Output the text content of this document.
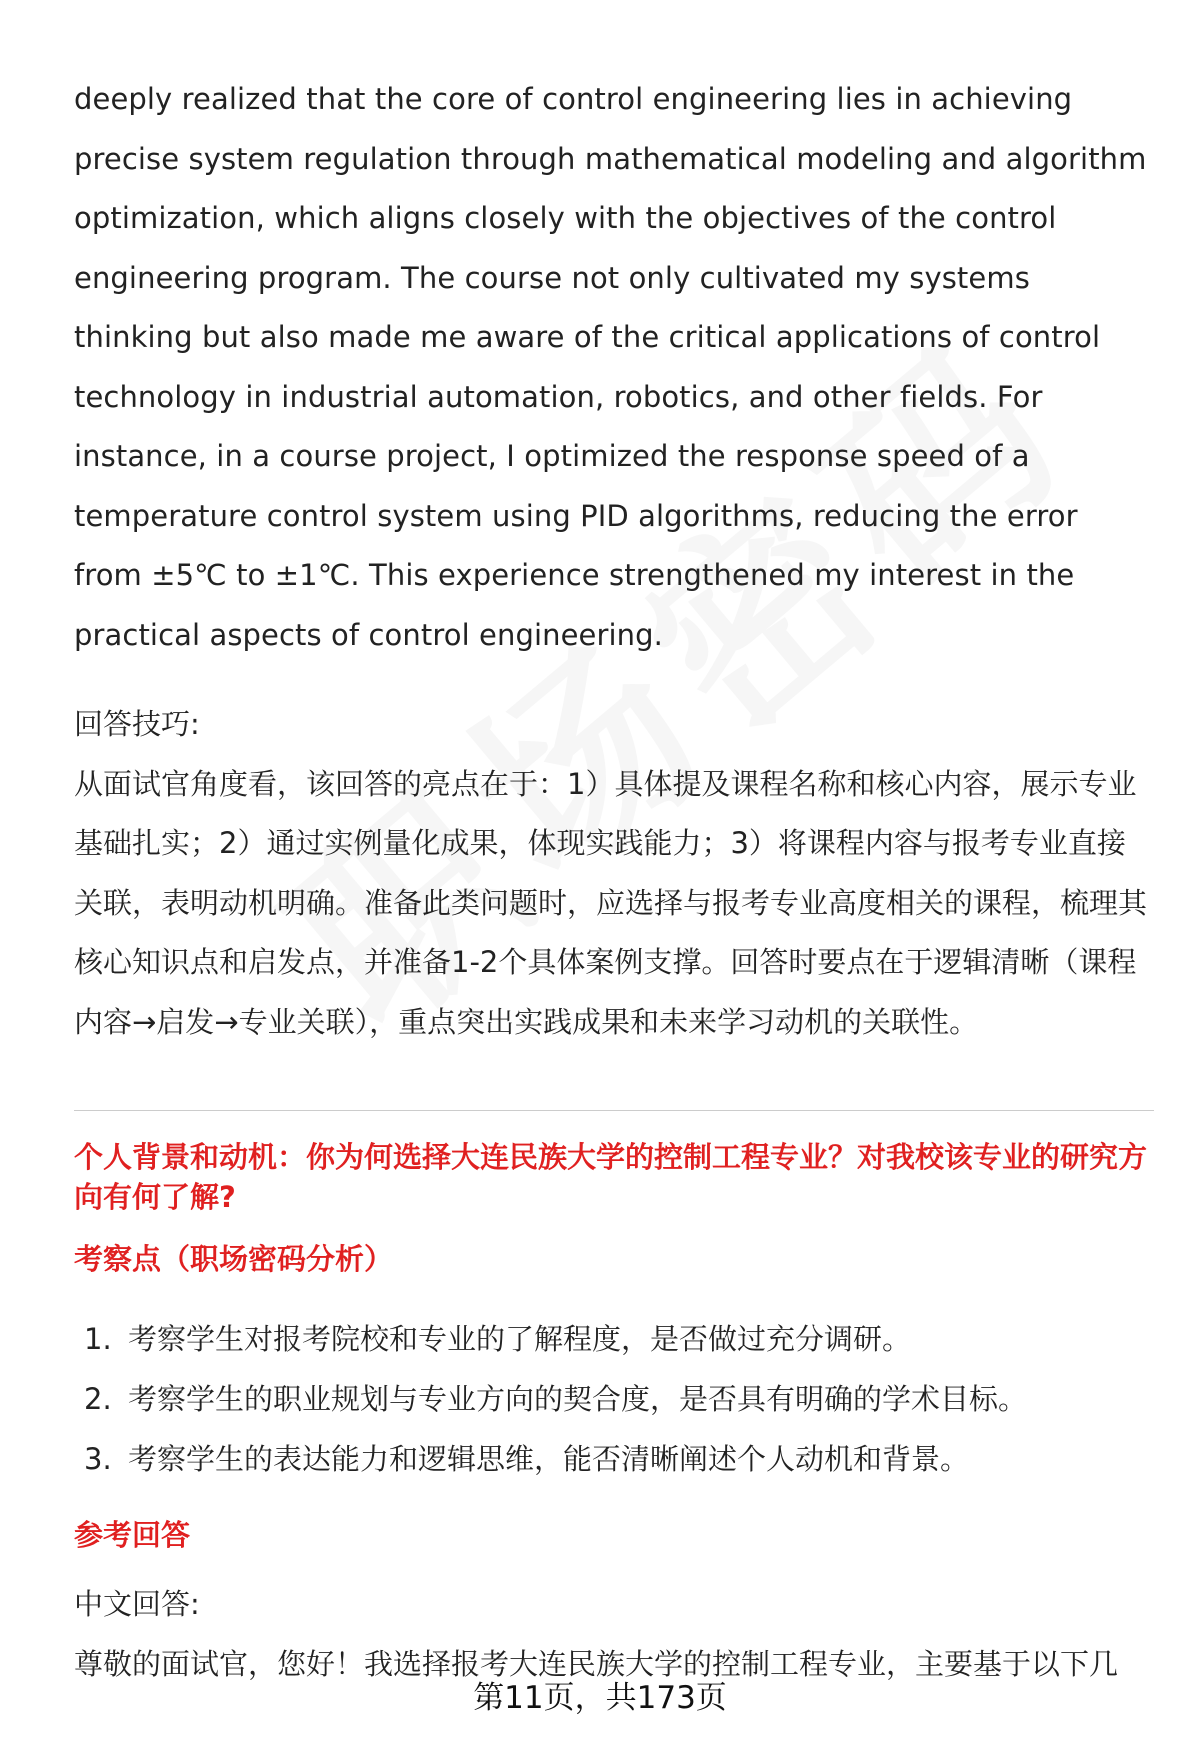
deeply realized that the core of control engineering lies in achieving precise system regulation through mathematical modeling and algorithm optimization, which aligns closely with the objectives of the control engineering program. The course not only cultivated my systems thinking but also made me aware of the critical applications of control technology in industrial automation, robotics, and other fields. For instance, in a course project, I optimized the response speed of a temperature control system using PID algorithms, reducing the error from ±5℃ to ±1℃. This experience strengthened my interest in the practical aspects of control engineering.

回答技巧:

从面试官角度看，该回答的亮点在于：1）具体提及课程名称和核心内容，展示专业基础扎实；2）通过实例量化成果，体现实践能力；3）将课程内容与报考专业直接关联，表明动机明确。准备此类问题时，应选择与报考专业高度相关的课程，梳理其核心知识点和启发点，并准备1-2个具体案例支撑。回答时要点在于逻辑清晰（课程内容→启发→专业关联），重点突出实践成果和未来学习动机的关联性。

个人背景和动机：你为何选择大连民族大学的控制工程专业？对我校该专业的研究方向有何了解?

考察点（职场密码分析）

1. 考察学生对报考院校和专业的了解程度，是否做过充分调研。
2. 考察学生的职业规划与专业方向的契合度，是否具有明确的学术目标。
3. 考察学生的表达能力和逻辑思维，能否清晰阐述个人动机和背景。

参考回答

中文回答:

尊敬的面试官，您好！我选择报考大连民族大学的控制工程专业，主要基于以下几

第11页，共173页
